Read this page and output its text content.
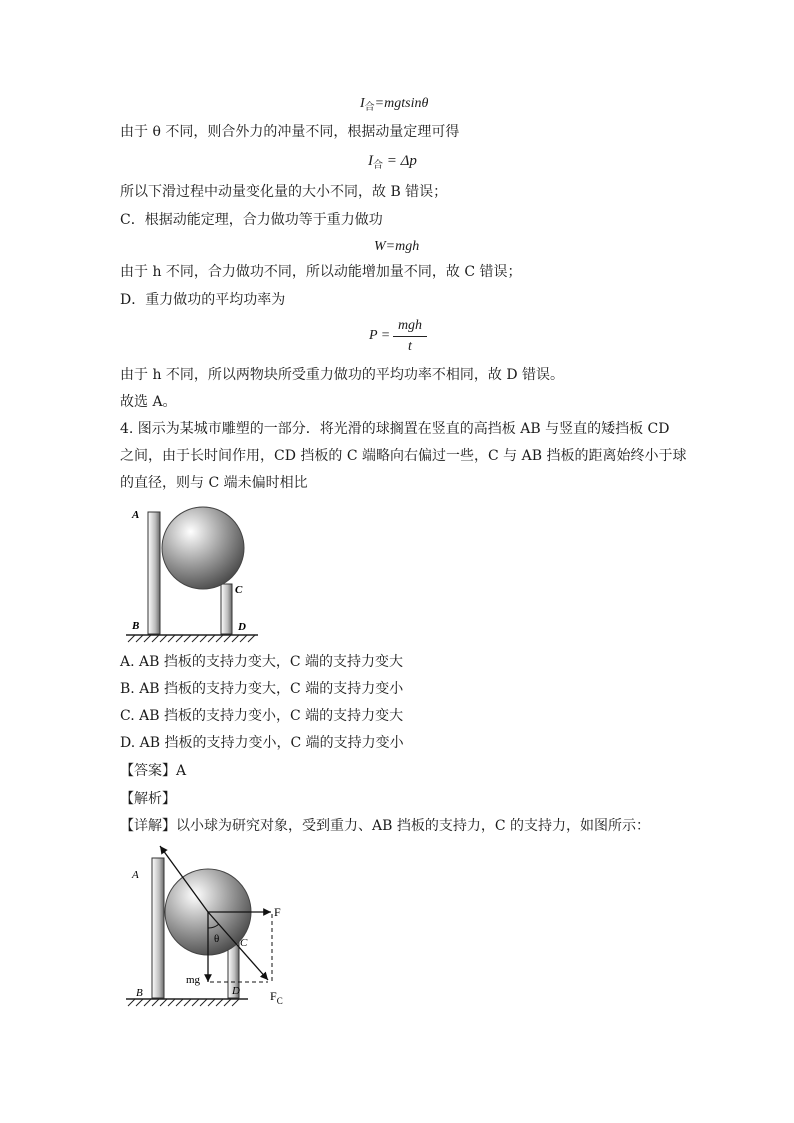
$I_合=mgtsin\theta$
由于 θ 不同，则合外力的冲量不同，根据动量定理可得
$I_合 = \Delta p$
所以下滑过程中动量变化量的大小不同，故 B 错误；
C．根据动能定理，合力做功等于重力做功
W=mgh
由于 h 不同，合力做功不同，所以动能增加量不同，故 C 错误；
D．重力做功的平均功率为
P =
mgh
t
由于 h 不同，所以两物块所受重力做功的平均功率不相同，故 D 错误。
故选 A。
4. 图示为某城市雕塑的一部分．将光滑的球搁置在竖直的高挡板 AB 与竖直的矮挡板 CD
之间，由于长时间作用，CD 挡板的 C 端略向右偏过一些，C 与 AB 挡板的距离始终小于球
的直径，则与 C 端未偏时相比
A
B
C
D
A. AB 挡板的支持力变大，C 端的支持力变大
B. AB 挡板的支持力变大，C 端的支持力变小
C. AB 挡板的支持力变小，C 端的支持力变大
D. AB 挡板的支持力变小，C 端的支持力变小
【答案】A
【解析】
【详解】以小球为研究对象，受到重力、AB 挡板的支持力，C 的支持力，如图所示：
A
B
C
D
F
θ
mg
$F_C$
